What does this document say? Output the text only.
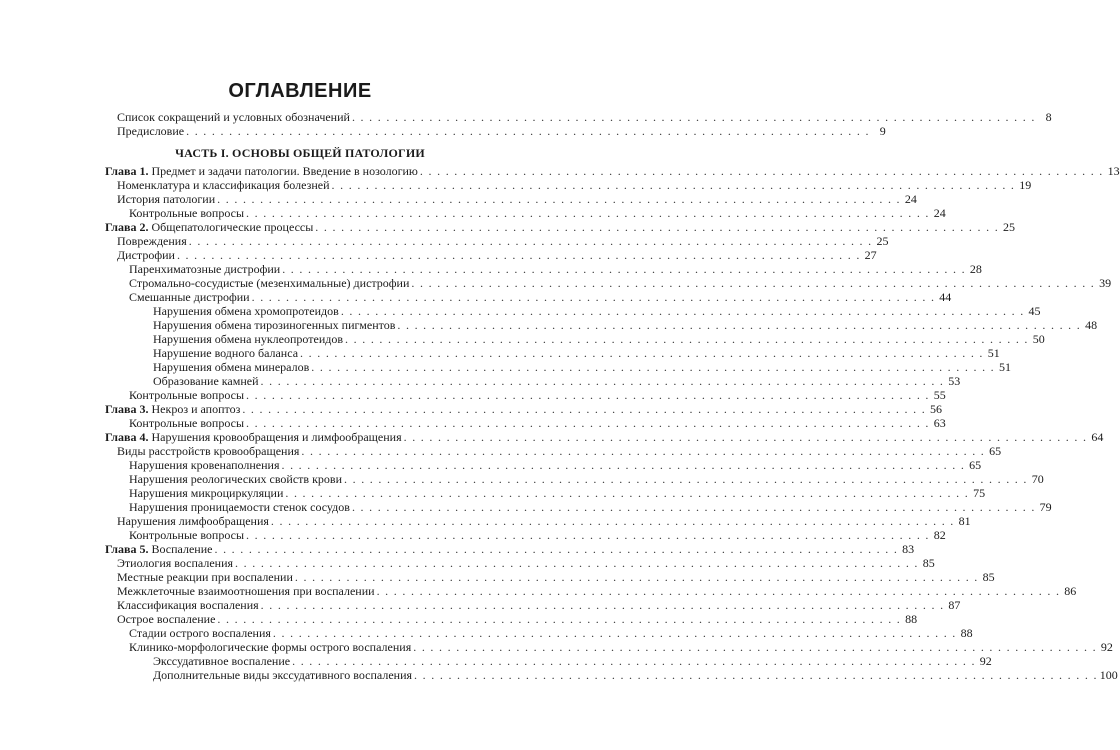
ОГЛАВЛЕНИЕ
Список сокращений и условных обозначений . . . . . . . . . . . . . . . . . . . . . . . . . . . . . . . . . . . . . . . . . . . . . . . . . . . . . . . . . . . . . . . . . . . . . . . . . . . . . . . . 8
Предисловие . . . . . . . . . . . . . . . . . . . . . . . . . . . . . . . . . . . . . . . . . . . . . . . . . . . . . . . . . . . . . . . . . . . . . . . . . . . . . . . . 9
ЧАСТЬ I. ОСНОВЫ ОБЩЕЙ ПАТОЛОГИИ
Глава 1. Предмет и задачи патологии. Введение в нозологию . . . . . . . . . . . . . . . . . . . . . . . . . . . . . . . . . . . . . . . . . . . . . . . . . . . . . . . . . . . . . . . . . . . . . . . . . . . . . . . . 13
Номенклатура и классификация болезней . . . . . . . . . . . . . . . . . . . . . . . . . . . . . . . . . . . . . . . . . . . . . . . . . . . . . . . . . . . . . . . . . . . . . . . . . . . . . . . . 19
История патологии . . . . . . . . . . . . . . . . . . . . . . . . . . . . . . . . . . . . . . . . . . . . . . . . . . . . . . . . . . . . . . . . . . . . . . . . . . . . . . . . 24
Контрольные вопросы . . . . . . . . . . . . . . . . . . . . . . . . . . . . . . . . . . . . . . . . . . . . . . . . . . . . . . . . . . . . . . . . . . . . . . . . . . . . . . . . 24
Глава 2. Общепатологические процессы . . . . . . . . . . . . . . . . . . . . . . . . . . . . . . . . . . . . . . . . . . . . . . . . . . . . . . . . . . . . . . . . . . . . . . . . . . . . . . . . 25
Повреждения . . . . . . . . . . . . . . . . . . . . . . . . . . . . . . . . . . . . . . . . . . . . . . . . . . . . . . . . . . . . . . . . . . . . . . . . . . . . . . . . 25
Дистрофии . . . . . . . . . . . . . . . . . . . . . . . . . . . . . . . . . . . . . . . . . . . . . . . . . . . . . . . . . . . . . . . . . . . . . . . . . . . . . . . . 27
Паренхиматозные дистрофии . . . . . . . . . . . . . . . . . . . . . . . . . . . . . . . . . . . . . . . . . . . . . . . . . . . . . . . . . . . . . . . . . . . . . . . . . . . . . . . . 28
Стромально-сосудистые (мезенхимальные) дистрофии . . . . . . . . . . . . . . . . . . . . . . . . . . . . . . . . . . . . . . . . . . . . . . . . . . . . . . . . . . . . . . . . . . . . . . . . . . . . . . . . 39
Смешанные дистрофии . . . . . . . . . . . . . . . . . . . . . . . . . . . . . . . . . . . . . . . . . . . . . . . . . . . . . . . . . . . . . . . . . . . . . . . . . . . . . . . . 44
Нарушения обмена хромопротеидов . . . . . . . . . . . . . . . . . . . . . . . . . . . . . . . . . . . . . . . . . . . . . . . . . . . . . . . . . . . . . . . . . . . . . . . . . . . . . . . . 45
Нарушения обмена тирозиногенных пигментов . . . . . . . . . . . . . . . . . . . . . . . . . . . . . . . . . . . . . . . . . . . . . . . . . . . . . . . . . . . . . . . . . . . . . . . . . . . . . . . . 48
Нарушения обмена нуклеопротеидов . . . . . . . . . . . . . . . . . . . . . . . . . . . . . . . . . . . . . . . . . . . . . . . . . . . . . . . . . . . . . . . . . . . . . . . . . . . . . . . . 50
Нарушение водного баланса . . . . . . . . . . . . . . . . . . . . . . . . . . . . . . . . . . . . . . . . . . . . . . . . . . . . . . . . . . . . . . . . . . . . . . . . . . . . . . . . 51
Нарушения обмена минералов . . . . . . . . . . . . . . . . . . . . . . . . . . . . . . . . . . . . . . . . . . . . . . . . . . . . . . . . . . . . . . . . . . . . . . . . . . . . . . . . 51
Образование камней . . . . . . . . . . . . . . . . . . . . . . . . . . . . . . . . . . . . . . . . . . . . . . . . . . . . . . . . . . . . . . . . . . . . . . . . . . . . . . . . 53
Контрольные вопросы . . . . . . . . . . . . . . . . . . . . . . . . . . . . . . . . . . . . . . . . . . . . . . . . . . . . . . . . . . . . . . . . . . . . . . . . . . . . . . . . 55
Глава 3. Некроз и апоптоз . . . . . . . . . . . . . . . . . . . . . . . . . . . . . . . . . . . . . . . . . . . . . . . . . . . . . . . . . . . . . . . . . . . . . . . . . . . . . . . . 56
Контрольные вопросы . . . . . . . . . . . . . . . . . . . . . . . . . . . . . . . . . . . . . . . . . . . . . . . . . . . . . . . . . . . . . . . . . . . . . . . . . . . . . . . . 63
Глава 4. Нарушения кровообращения и лимфообращения . . . . . . . . . . . . . . . . . . . . . . . . . . . . . . . . . . . . . . . . . . . . . . . . . . . . . . . . . . . . . . . . . . . . . . . . . . . . . . . . 64
Виды расстройств кровообращения . . . . . . . . . . . . . . . . . . . . . . . . . . . . . . . . . . . . . . . . . . . . . . . . . . . . . . . . . . . . . . . . . . . . . . . . . . . . . . . . 65
Нарушения кровенаполнения . . . . . . . . . . . . . . . . . . . . . . . . . . . . . . . . . . . . . . . . . . . . . . . . . . . . . . . . . . . . . . . . . . . . . . . . . . . . . . . . 65
Нарушения реологических свойств крови . . . . . . . . . . . . . . . . . . . . . . . . . . . . . . . . . . . . . . . . . . . . . . . . . . . . . . . . . . . . . . . . . . . . . . . . . . . . . . . . 70
Нарушения микроциркуляции . . . . . . . . . . . . . . . . . . . . . . . . . . . . . . . . . . . . . . . . . . . . . . . . . . . . . . . . . . . . . . . . . . . . . . . . . . . . . . . . 75
Нарушения проницаемости стенок сосудов . . . . . . . . . . . . . . . . . . . . . . . . . . . . . . . . . . . . . . . . . . . . . . . . . . . . . . . . . . . . . . . . . . . . . . . . . . . . . . . . 79
Нарушения лимфообращения . . . . . . . . . . . . . . . . . . . . . . . . . . . . . . . . . . . . . . . . . . . . . . . . . . . . . . . . . . . . . . . . . . . . . . . . . . . . . . . . 81
Контрольные вопросы . . . . . . . . . . . . . . . . . . . . . . . . . . . . . . . . . . . . . . . . . . . . . . . . . . . . . . . . . . . . . . . . . . . . . . . . . . . . . . . . 82
Глава 5. Воспаление . . . . . . . . . . . . . . . . . . . . . . . . . . . . . . . . . . . . . . . . . . . . . . . . . . . . . . . . . . . . . . . . . . . . . . . . . . . . . . . . 83
Этиология воспаления . . . . . . . . . . . . . . . . . . . . . . . . . . . . . . . . . . . . . . . . . . . . . . . . . . . . . . . . . . . . . . . . . . . . . . . . . . . . . . . . 85
Местные реакции при воспалении . . . . . . . . . . . . . . . . . . . . . . . . . . . . . . . . . . . . . . . . . . . . . . . . . . . . . . . . . . . . . . . . . . . . . . . . . . . . . . . . 85
Межклеточные взаимоотношения при воспалении . . . . . . . . . . . . . . . . . . . . . . . . . . . . . . . . . . . . . . . . . . . . . . . . . . . . . . . . . . . . . . . . . . . . . . . . . . . . . . . . 86
Классификация воспаления . . . . . . . . . . . . . . . . . . . . . . . . . . . . . . . . . . . . . . . . . . . . . . . . . . . . . . . . . . . . . . . . . . . . . . . . . . . . . . . . 87
Острое воспаление . . . . . . . . . . . . . . . . . . . . . . . . . . . . . . . . . . . . . . . . . . . . . . . . . . . . . . . . . . . . . . . . . . . . . . . . . . . . . . . . 88
Стадии острого воспаления . . . . . . . . . . . . . . . . . . . . . . . . . . . . . . . . . . . . . . . . . . . . . . . . . . . . . . . . . . . . . . . . . . . . . . . . . . . . . . . . 88
Клинико-морфологические формы острого воспаления . . . . . . . . . . . . . . . . . . . . . . . . . . . . . . . . . . . . . . . . . . . . . . . . . . . . . . . . . . . . . . . . . . . . . . . . . . . . . . . . 92
Экссудативное воспаление . . . . . . . . . . . . . . . . . . . . . . . . . . . . . . . . . . . . . . . . . . . . . . . . . . . . . . . . . . . . . . . . . . . . . . . . . . . . . . . . 92
Дополнительные виды экссудативного воспаления . . . . . . . . . . . . . . . . . . . . . . . . . . . . . . . . . . . . . . . . . . . . . . . . . . . . . . . . . . . . . . . . . . . . . . . . . . . . . . . . 100
